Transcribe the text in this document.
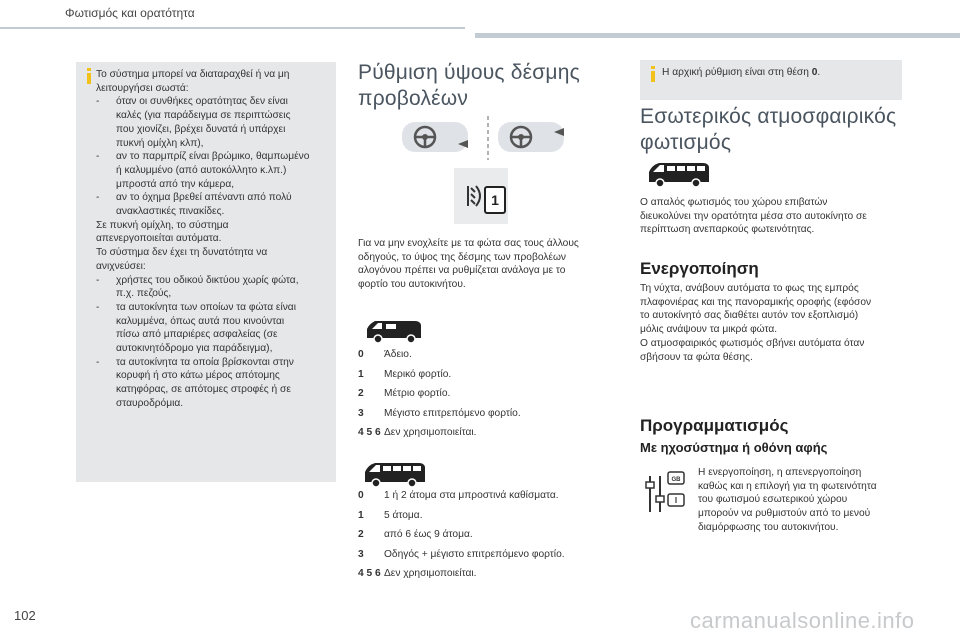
Φωτισμός και ορατότητα
Το σύστημα μπορεί να διαταραχθεί ή να μη
λειτουργήσει σωστά:
- όταν οι συνθήκες ορατότητας δεν είναι
καλές (για παράδειγμα σε περιπτώσεις
που χιονίζει, βρέχει δυνατά ή υπάρχει
πυκνή ομίχλη κλπ),
- αν το παρμπρίζ είναι βρώμικο, θαμπωμένο
ή καλυμμένο (από αυτοκόλλητο κ.λπ.)
μπροστά από την κάμερα,
- αν το όχημα βρεθεί απέναντι από πολύ
ανακλαστικές πινακίδες.
Σε πυκνή ομίχλη, το σύστημα
απενεργοποιείται αυτόματα.
Το σύστημα δεν έχει τη δυνατότητα να
ανιχνεύσει:
- χρήστες του οδικού δικτύου χωρίς φώτα,
π.χ. πεζούς,
- τα αυτοκίνητα των οποίων τα φώτα είναι
καλυμμένα, όπως αυτά που κινούνται
πίσω από μπαριέρες ασφαλείας (σε
αυτοκινητόδρομο για παράδειγμα),
- τα αυτοκίνητα τα οποία βρίσκονται στην
κορυφή ή στο κάτω μέρος απότομης
κατηφόρας, σε απότομες στροφές ή σε
σταυροδρόμια.
Ρύθμιση ύψους δέσμης
προβολέων
1
Για να μην ενοχλείτε με τα φώτα σας τους άλλους
οδηγούς, το ύψος της δέσμης των προβολέων
αλογόνου πρέπει να ρυθμίζεται ανάλογα με το
φορτίο του αυτοκινήτου.
0	Άδειο.
1	Μερικό φορτίο.
2	Μέτριο φορτίο.
3	Μέγιστο επιτρεπόμενο φορτίο.
4 5 6 Δεν χρησιμοποιείται.
0	1 ή 2 άτομα στα μπροστινά καθίσματα.
1	5 άτομα.
2	από 6 έως 9 άτομα.
3	Οδηγός + μέγιστο επιτρεπόμενο φορτίο.
4 5 6 Δεν χρησιμοποιείται.
Η αρχική ρύθμιση είναι στη θέση 0.
Εσωτερικός ατμοσφαιρικός
φωτισμός
Ο απαλός φωτισμός του χώρου επιβατών
διευκολύνει την ορατότητα μέσα στο αυτοκίνητο σε
περίπτωση ανεπαρκούς φωτεινότητας.
Ενεργοποίηση
Τη νύχτα, ανάβουν αυτόματα το φως της εμπρός
πλαφονιέρας και της πανοραμικής οροφής (εφόσον
το αυτοκίνητό σας διαθέτει αυτόν τον εξοπλισμό)
μόλις ανάψουν τα μικρά φώτα.
Ο ατμοσφαιρικός φωτισμός σβήνει αυτόματα όταν
σβήσουν τα φώτα θέσης.
Προγραμματισμός
Με ηχοσύστημα ή οθόνη αφής
GB
I
Η ενεργοποίηση, η απενεργοποίηση
καθώς και η επιλογή για τη φωτεινότητα
του φωτισμού εσωτερικού χώρου
μπορούν να ρυθμιστούν από το μενού
διαμόρφωσης του αυτοκινήτου.
102	carmanualsonline.info
